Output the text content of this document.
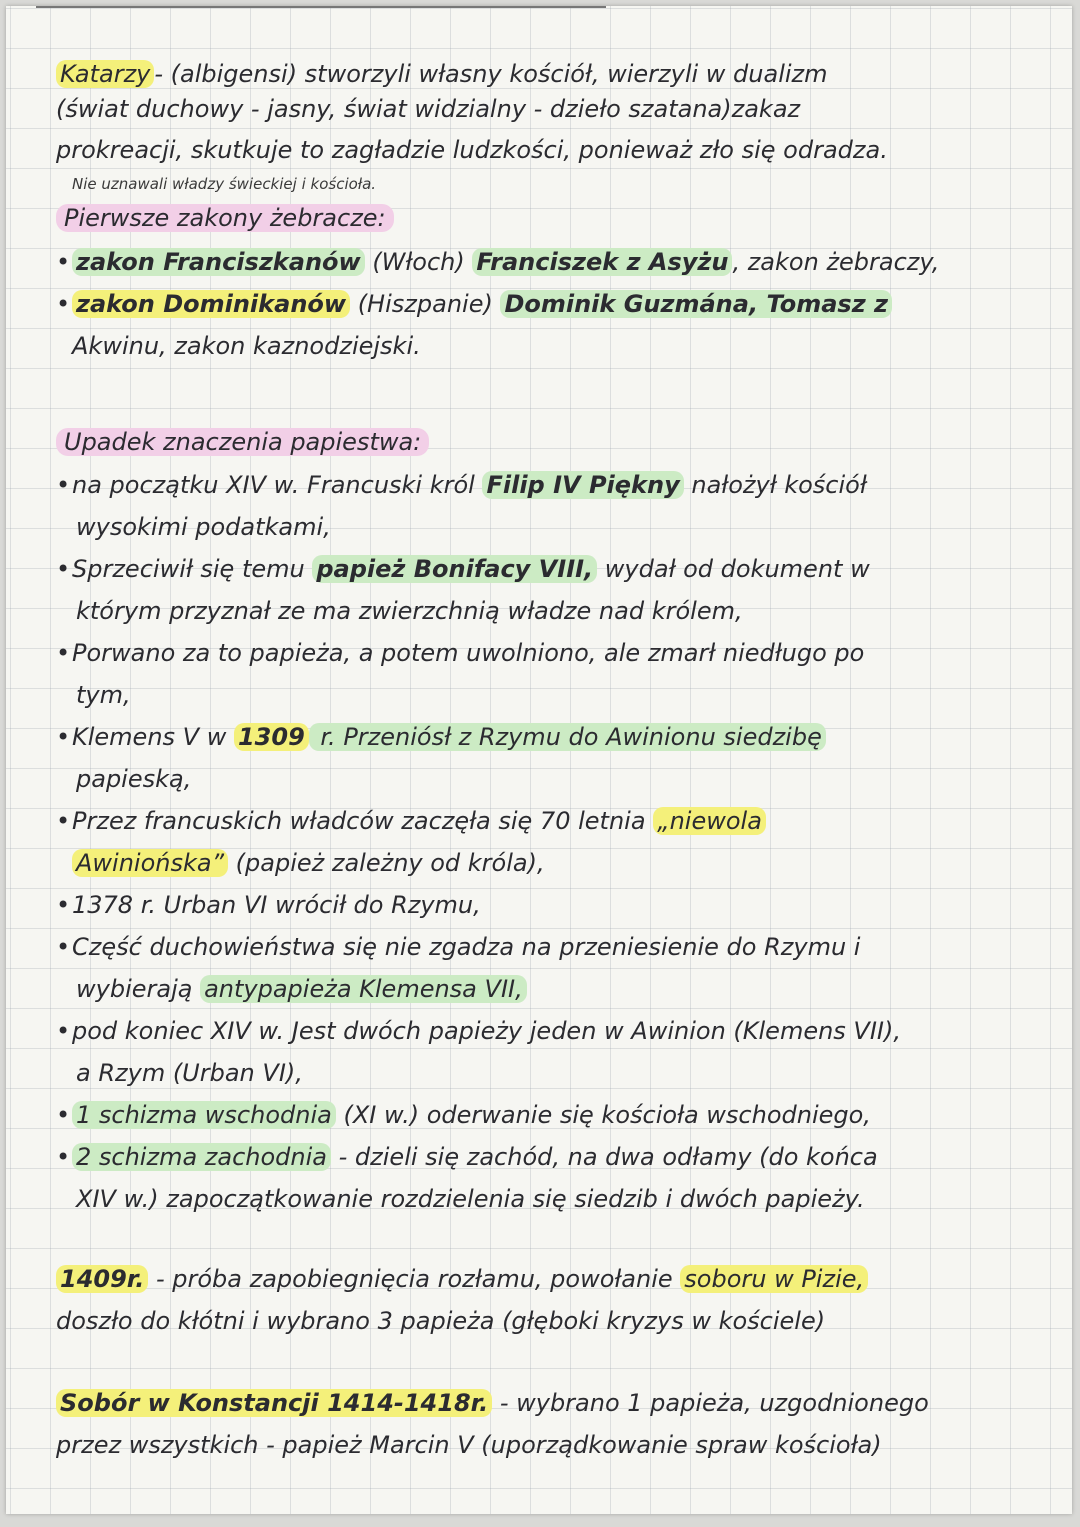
Katarzy - (albigensi) stworzyli własny kościół, wierzyli w dualizm
(świat duchowy - jasny, świat widzialny - dzieło szatana)zakaz
prokreacji, skutkuje to zagładzie ludzkości, ponieważ zło się odradza.
Nie uznawali władzy świeckiej i kościoła.
Pierwsze zakony żebracze:
• zakon Franciszkanów (Włoch) Franciszek z Asyżu , zakon żebraczy,
• zakon Dominikanów (Hiszpanie) Dominik Guzmána, Tomasz z
Akwinu, zakon kaznodziejski.
Upadek znaczenia papiestwa:
•na początku XIV w. Francuski król Filip IV Piękny nałożył kościół
wysokimi podatkami,
•Sprzeciwił się temu papież Bonifacy VIII, wydał od dokument w
którym przyznał ze ma zwierzchnią władze nad królem,
•Porwano za to papieża, a potem uwolniono, ale zmarł niedługo po
tym,
•Klemens V w 1309 r. Przeniósł z Rzymu do Awinionu siedzibę
papieską,
•Przez francuskich władców zaczęła się 70 letnia „niewola
Awiniońska” (papież zależny od króla),
•1378 r. Urban VI wrócił do Rzymu,
•Część duchowieństwa się nie zgadza na przeniesienie do Rzymu i
wybierają antypapieża Klemensa VII,
•pod koniec XIV w. Jest dwóch papieży jeden w Awinion (Klemens VII),
a Rzym (Urban VI),
• 1 schizma wschodnia (XI w.) oderwanie się kościoła wschodniego,
• 2 schizma zachodnia - dzieli się zachód, na dwa odłamy (do końca
XIV w.) zapoczątkowanie rozdzielenia się siedzib i dwóch papieży.
1409r. - próba zapobiegnięcia rozłamu, powołanie soboru w Pizie,
doszło do kłótni i wybrano 3 papieża (głęboki kryzys w kościele)
Sobór w Konstancji 1414-1418r. - wybrano 1 papieża, uzgodnionego
przez wszystkich - papież Marcin V (uporządkowanie spraw kościoła)
